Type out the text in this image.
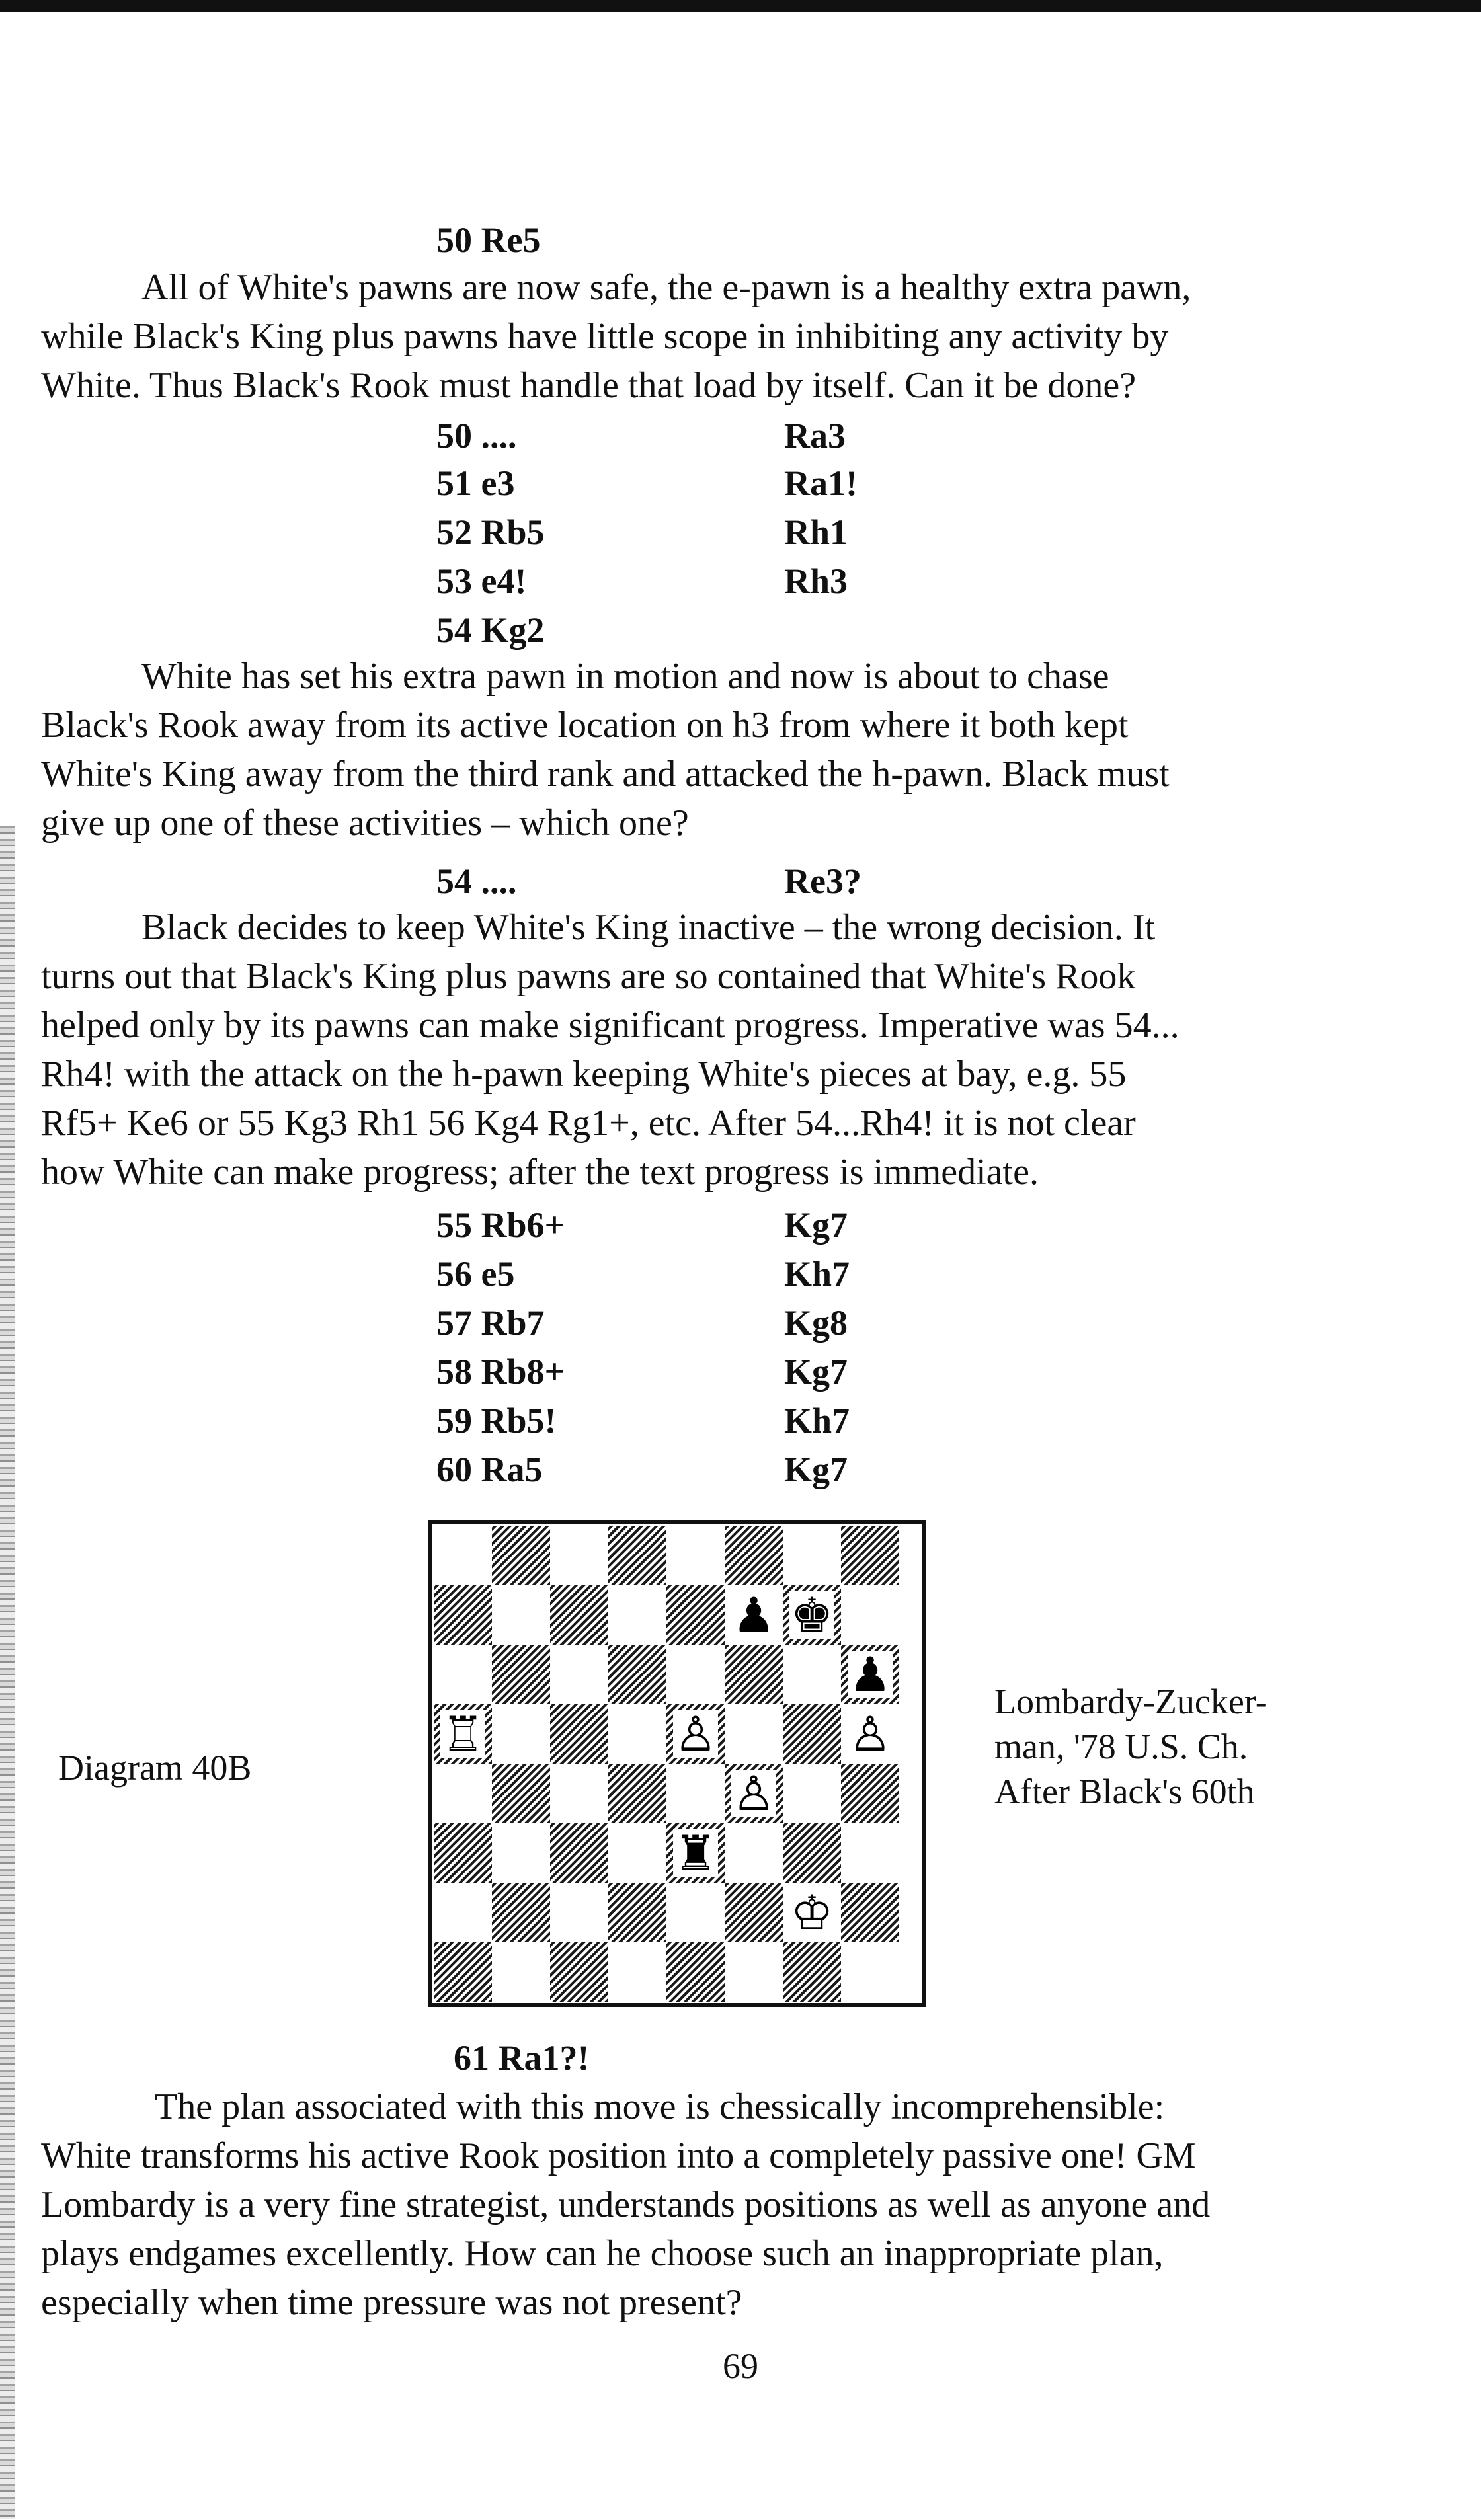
50 Re5

All of White's pawns are now safe, the e-pawn is a healthy extra pawn,
while Black's King plus pawns have little scope in inhibiting any activity by
White. Thus Black's Rook must handle that load by itself. Can it be done?

50 ....	Ra3
51 e3	Ra1!
52 Rb5	Rh1
53 e4!	Rh3
54 Kg2

White has set his extra pawn in motion and now is about to chase
Black's Rook away from its active location on h3 from where it both kept
White's King away from the third rank and attacked the h-pawn. Black must
give up one of these activities – which one?

54 ....	Re3?

Black decides to keep White's King inactive – the wrong decision. It
turns out that Black's King plus pawns are so contained that White's Rook
helped only by its pawns can make significant progress. Imperative was 54...
Rh4! with the attack on the h-pawn keeping White's pieces at bay, e.g. 55
Rf5+ Ke6 or 55 Kg3 Rh1 56 Kg4 Rg1+, etc. After 54...Rh4! it is not clear
how White can make progress; after the text progress is immediate.

55 Rb6+	Kg7
56 e5	Kh7
57 Rb7	Kg8
58 Rb8+	Kg7
59 Rb5!	Kh7
60 Ra5	Kg7
Diagram 40B
♟ ♚
♟
♖	♙	♙
♙
♜
♔
Lombardy-Zucker-
man, '78 U.S. Ch.
After Black's 60th
61 Ra1?!

The plan associated with this move is chessically incomprehensible:
White transforms his active Rook position into a completely passive one! GM
Lombardy is a very fine strategist, understands positions as well as anyone and
plays endgames excellently. How can he choose such an inappropriate plan,
especially when time pressure was not present?

69
